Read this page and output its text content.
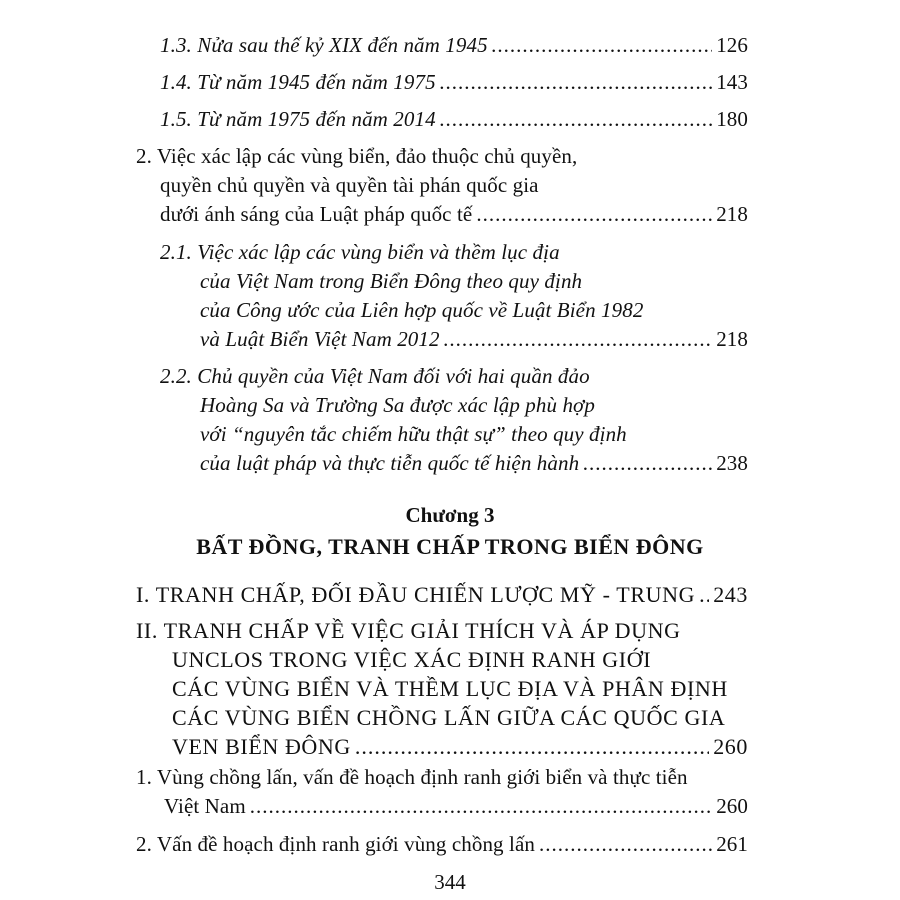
1.3. Nửa sau thế kỷ XIX đến năm 1945 .....	126
1.4. Từ năm 1945 đến năm 1975 .....	143
1.5. Từ năm 1975 đến năm 2014 .....	180
2. Việc xác lập các vùng biển, đảo thuộc chủ quyền,
quyền chủ quyền và quyền tài phán quốc gia
dưới ánh sáng của Luật pháp quốc tế .....	218
2.1. Việc xác lập các vùng biển và thềm lục địa
của Việt Nam trong Biển Đông theo quy định
của Công ước của Liên hợp quốc về Luật Biển 1982
và Luật Biển Việt Nam 2012 .....	218
2.2. Chủ quyền của Việt Nam đối với hai quần đảo
Hoàng Sa và Trường Sa được xác lập phù hợp
với “nguyên tắc chiếm hữu thật sự” theo quy định
của luật pháp và thực tiễn quốc tế hiện hành .....	238
Chương 3
BẤT ĐỒNG, TRANH CHẤP TRONG BIỂN ĐÔNG
I. TRANH CHẤP, ĐỐI ĐẦU CHIẾN LƯỢC MỸ - TRUNG ..... 243
II. TRANH CHẤP VỀ VIỆC GIẢI THÍCH VÀ ÁP DỤNG
UNCLOS TRONG VIỆC XÁC ĐỊNH RANH GIỚI
CÁC VÙNG BIỂN VÀ THỀM LỤC ĐỊA VÀ PHÂN ĐỊNH
CÁC VÙNG BIỂN CHỒNG LẤN GIỮA CÁC QUỐC GIA
VEN BIỂN ĐÔNG .....	260
1. Vùng chồng lấn, vấn đề hoạch định ranh giới biển và thực tiễn
Việt Nam .....	260
2. Vấn đề hoạch định ranh giới vùng chồng lấn .....	261
344
